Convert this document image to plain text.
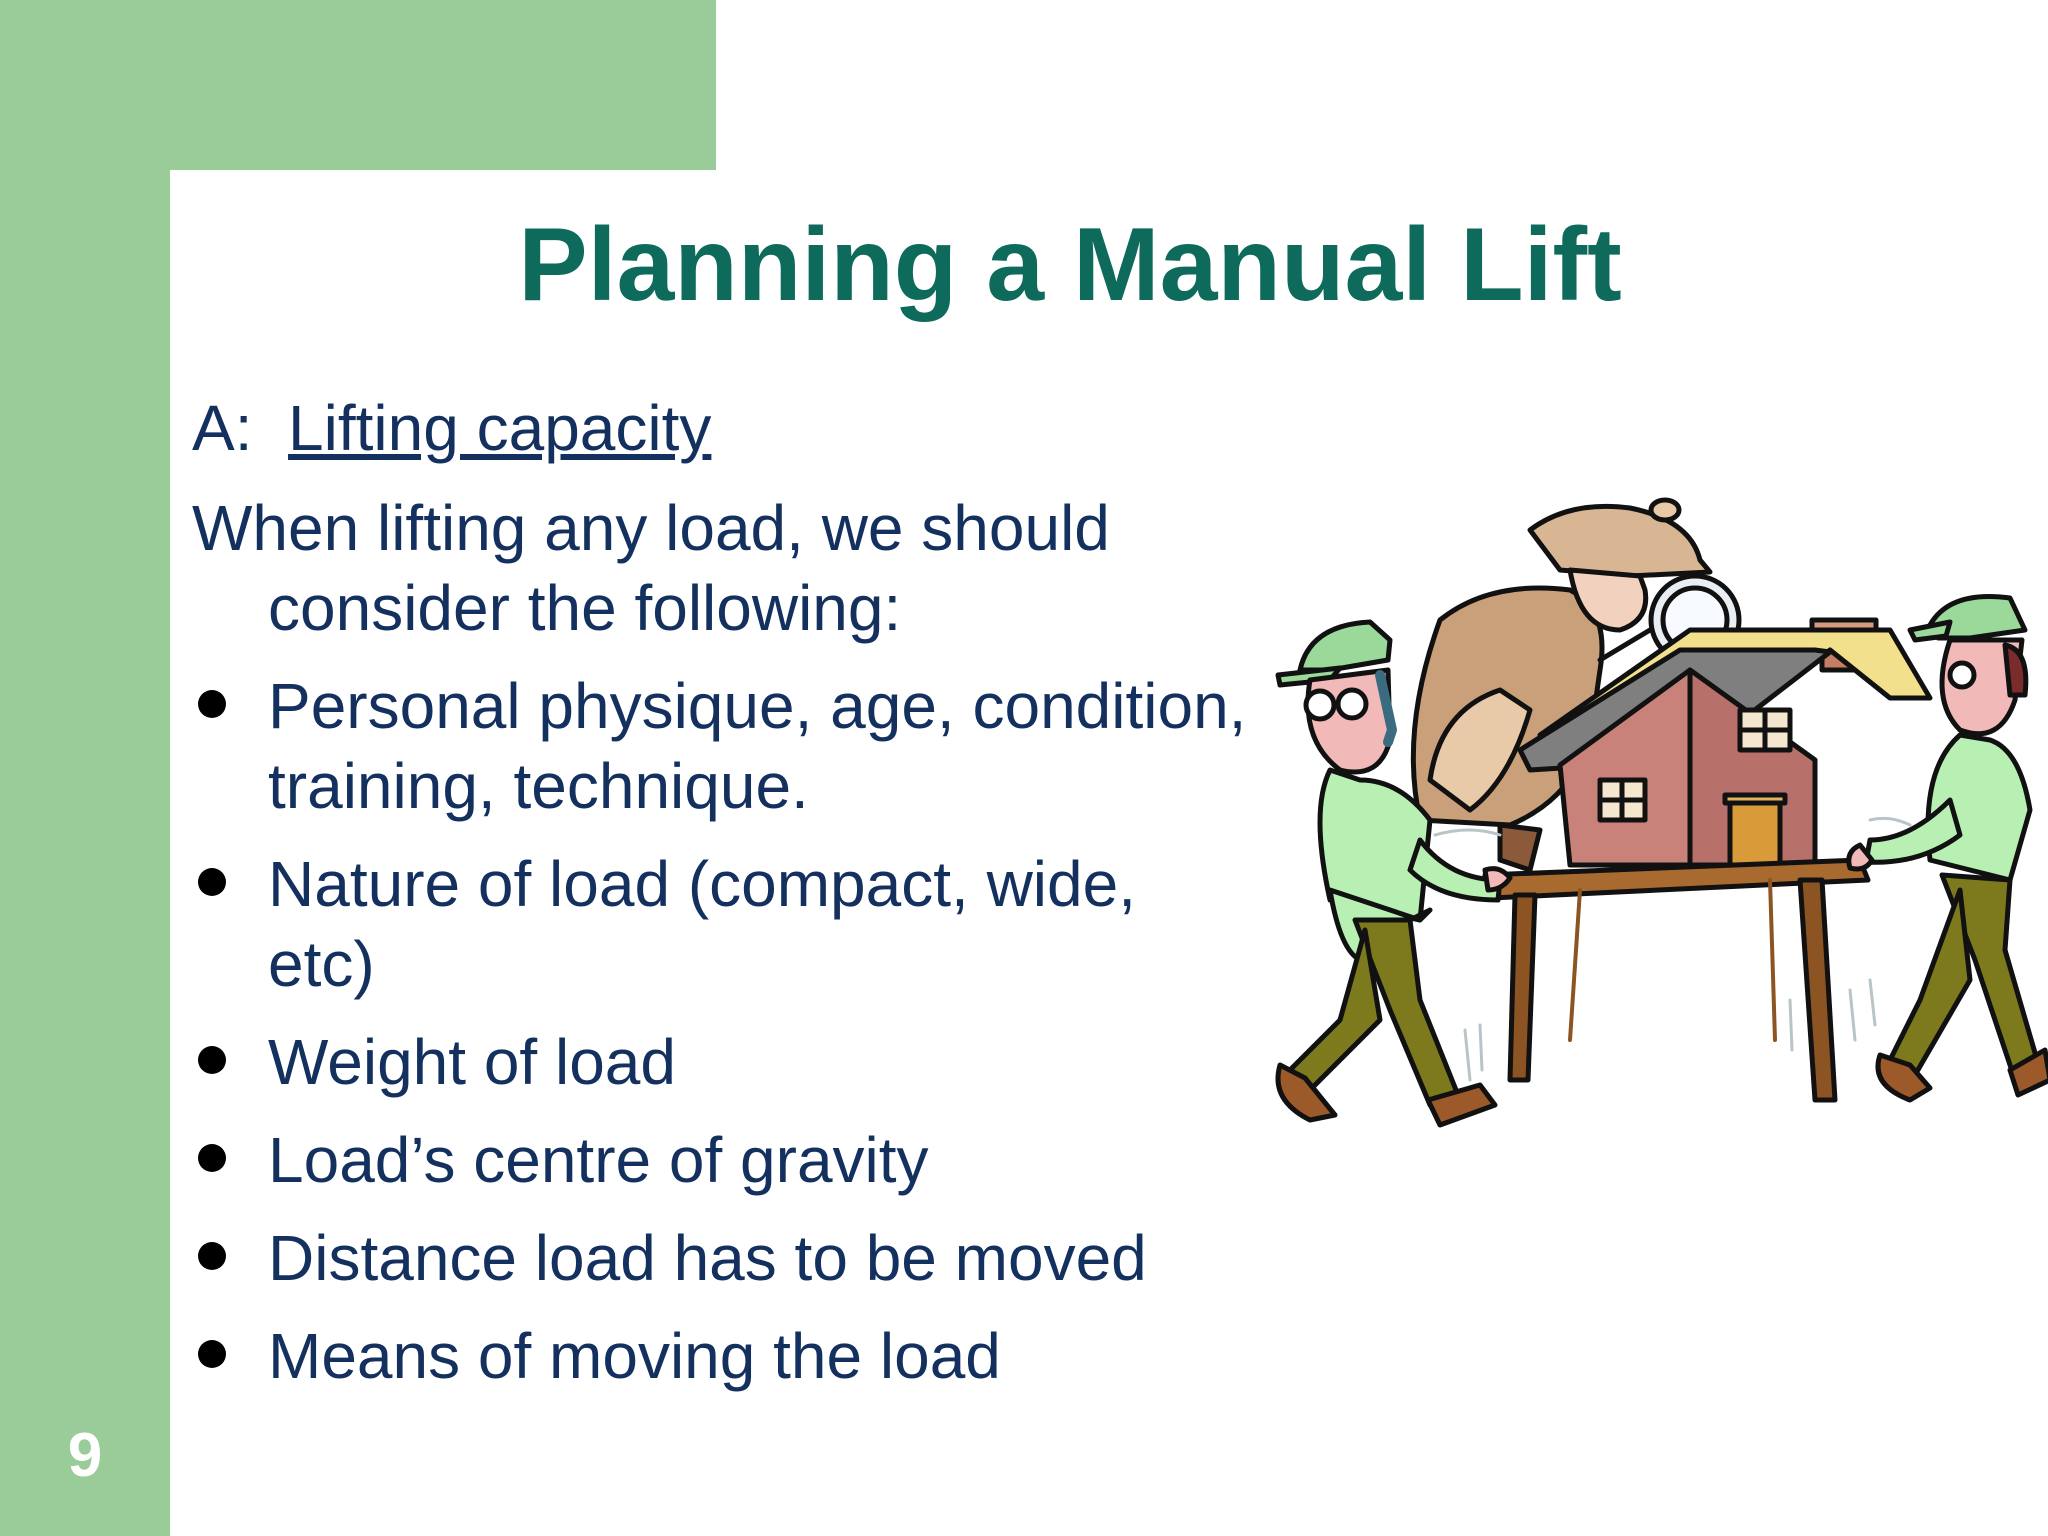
Planning a Manual Lift

A: Lifting capacity

When lifting any load, we should consider the following:

Personal physique, age, condition, training, technique.
Nature of load (compact, wide, etc)
Weight of load
Load’s centre of gravity
Distance load has to be moved
Means of moving the load
9
